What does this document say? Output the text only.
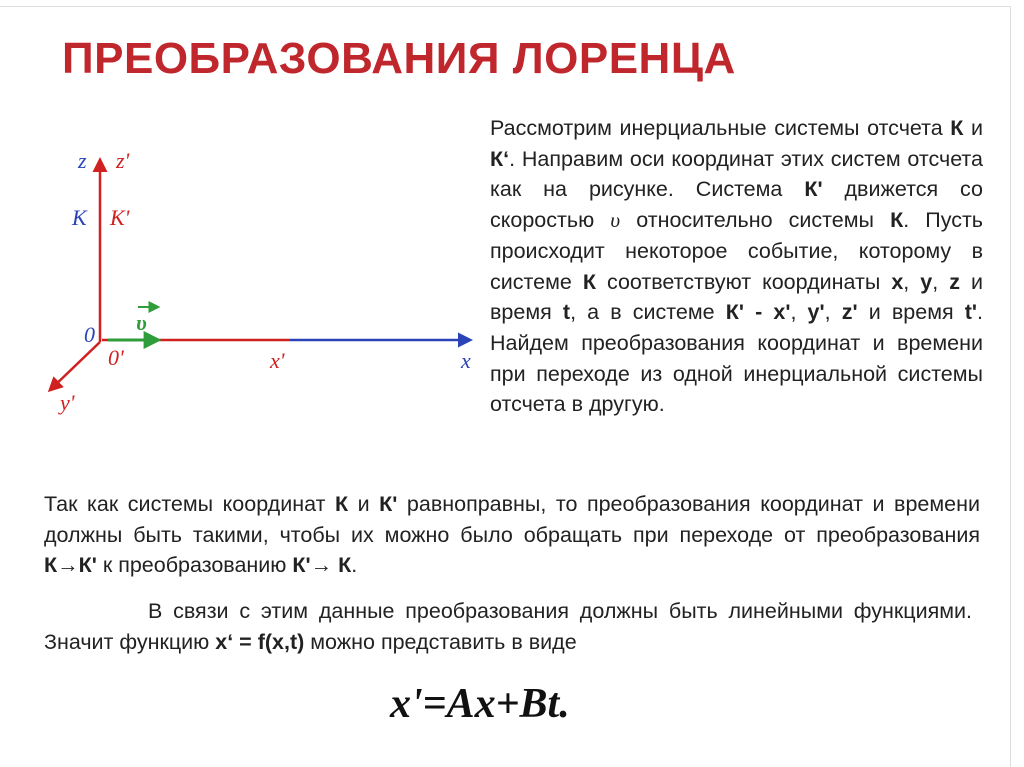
ПРЕОБРАЗОВАНИЯ ЛОРЕНЦА
z z'
K K'
0
0'
υ
x'	x
y'
Рассмотрим инерциальные системы отсчета К и К‘. Направим оси координат этих систем отсчета как на рисунке. Система К' движется со скоростью υ относительно системы К. Пусть происходит некоторое событие, которому в системе К соответствуют координаты x, y, z и время t, а в системе К' - x', y', z' и время t'. Найдем преобразования координат и времени при переходе из одной инерциальной системы отсчета в другую.
Так как системы координат К и К' равноправны, то преобразования координат и времени должны быть такими, чтобы их можно было обращать при переходе от преобразования К→К' к преобразованию К'→ К.
В связи с этим данные преобразования должны быть линейными функциями. Значит функцию x‘ = f(x,t) можно представить в виде
x'=Ax+Bt.
